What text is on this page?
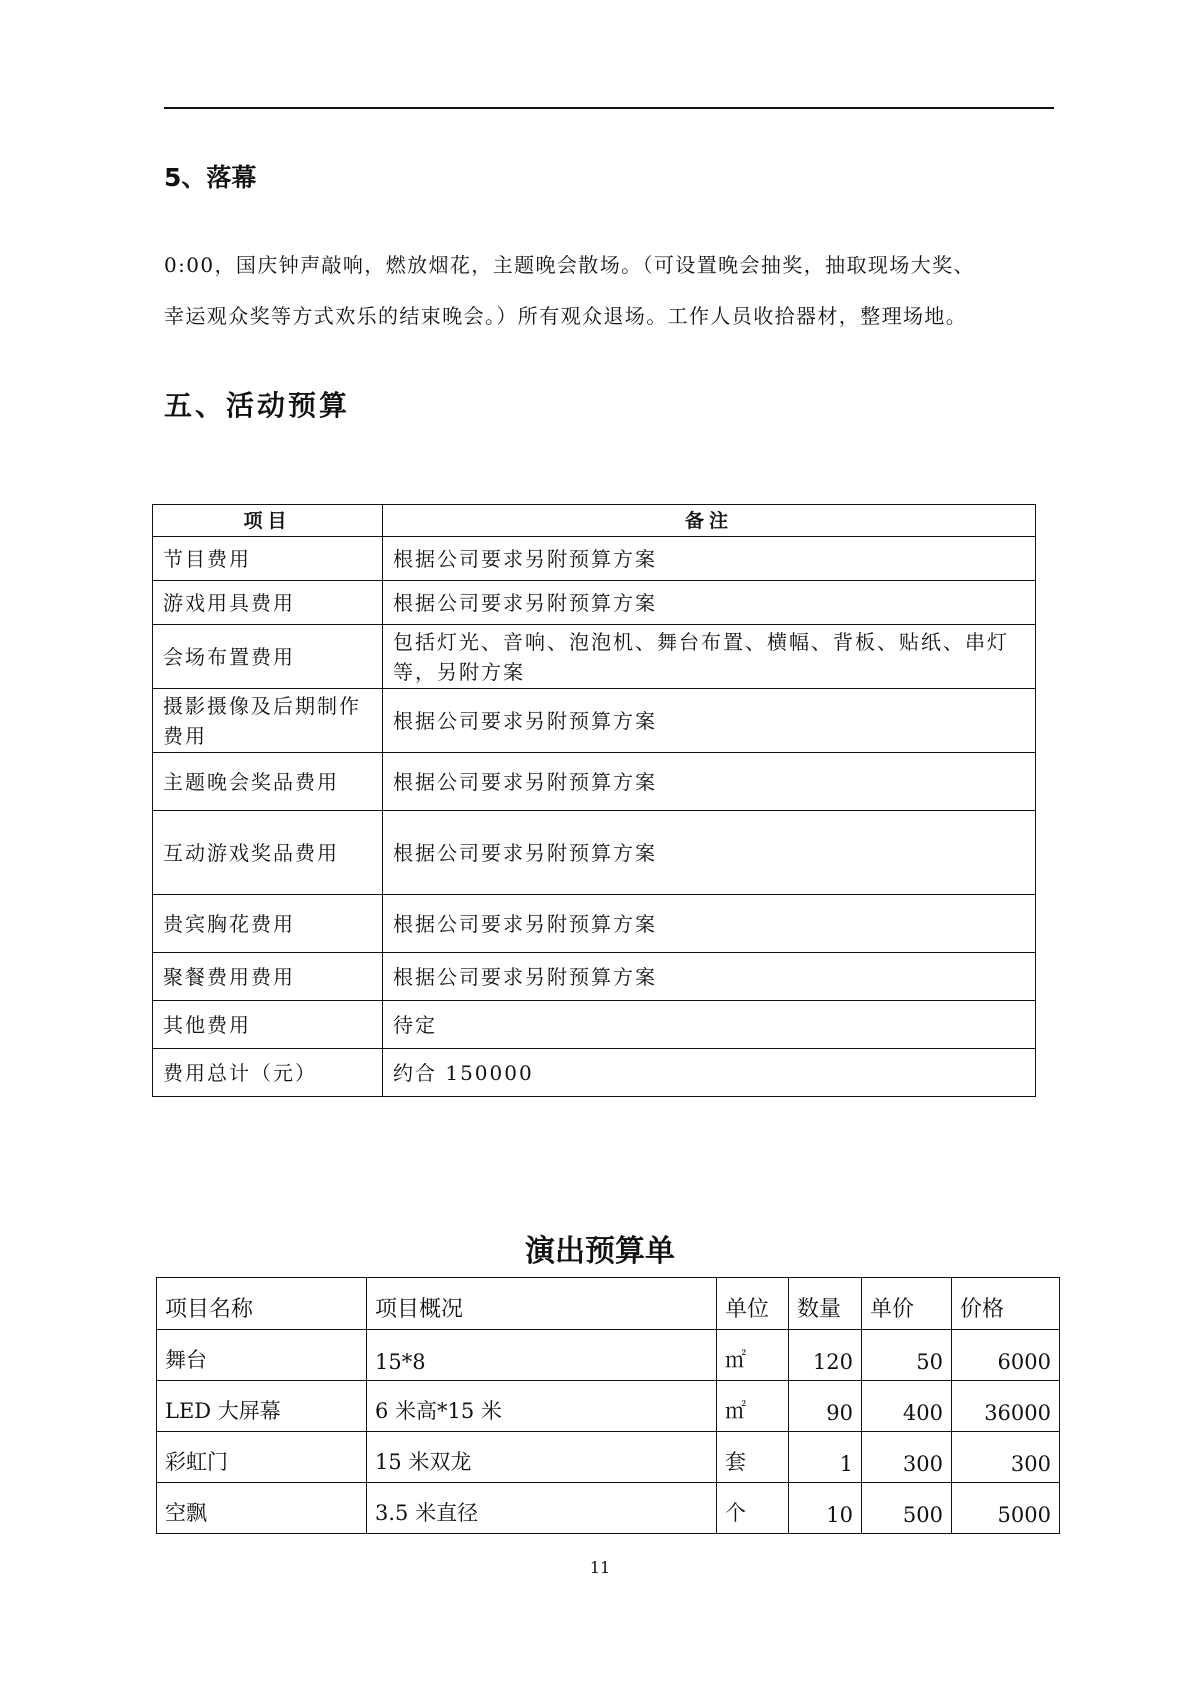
5、落幕

0:00，国庆钟声敲响，燃放烟花，主题晚会散场。（可设置晚会抽奖，抽取现场大奖、

幸运观众奖等方式欢乐的结束晚会。）所有观众退场。工作人员收拾器材，整理场地。

五、活动预算
项目	备注
节目费用	根据公司要求另附预算方案
游戏用具费用	根据公司要求另附预算方案
会场布置费用	包括灯光、音响、泡泡机、舞台布置、横幅、背板、贴纸、串灯等，另附方案
摄影摄像及后期制作费用	根据公司要求另附预算方案
主题晚会奖品费用	根据公司要求另附预算方案
互动游戏奖品费用	根据公司要求另附预算方案
贵宾胸花费用	根据公司要求另附预算方案
聚餐费用费用	根据公司要求另附预算方案
其他费用	待定
费用总计（元）	约合 150000
演出预算单
项目名称	项目概况	单位	数量	单价	价格
舞台	15*8	㎡	120	50	6000
LED 大屏幕	6 米高*15 米	㎡	90	400	36000
彩虹门	15 米双龙	套	1	300	300
空飘	3.5 米直径	个	10	500	5000
11
